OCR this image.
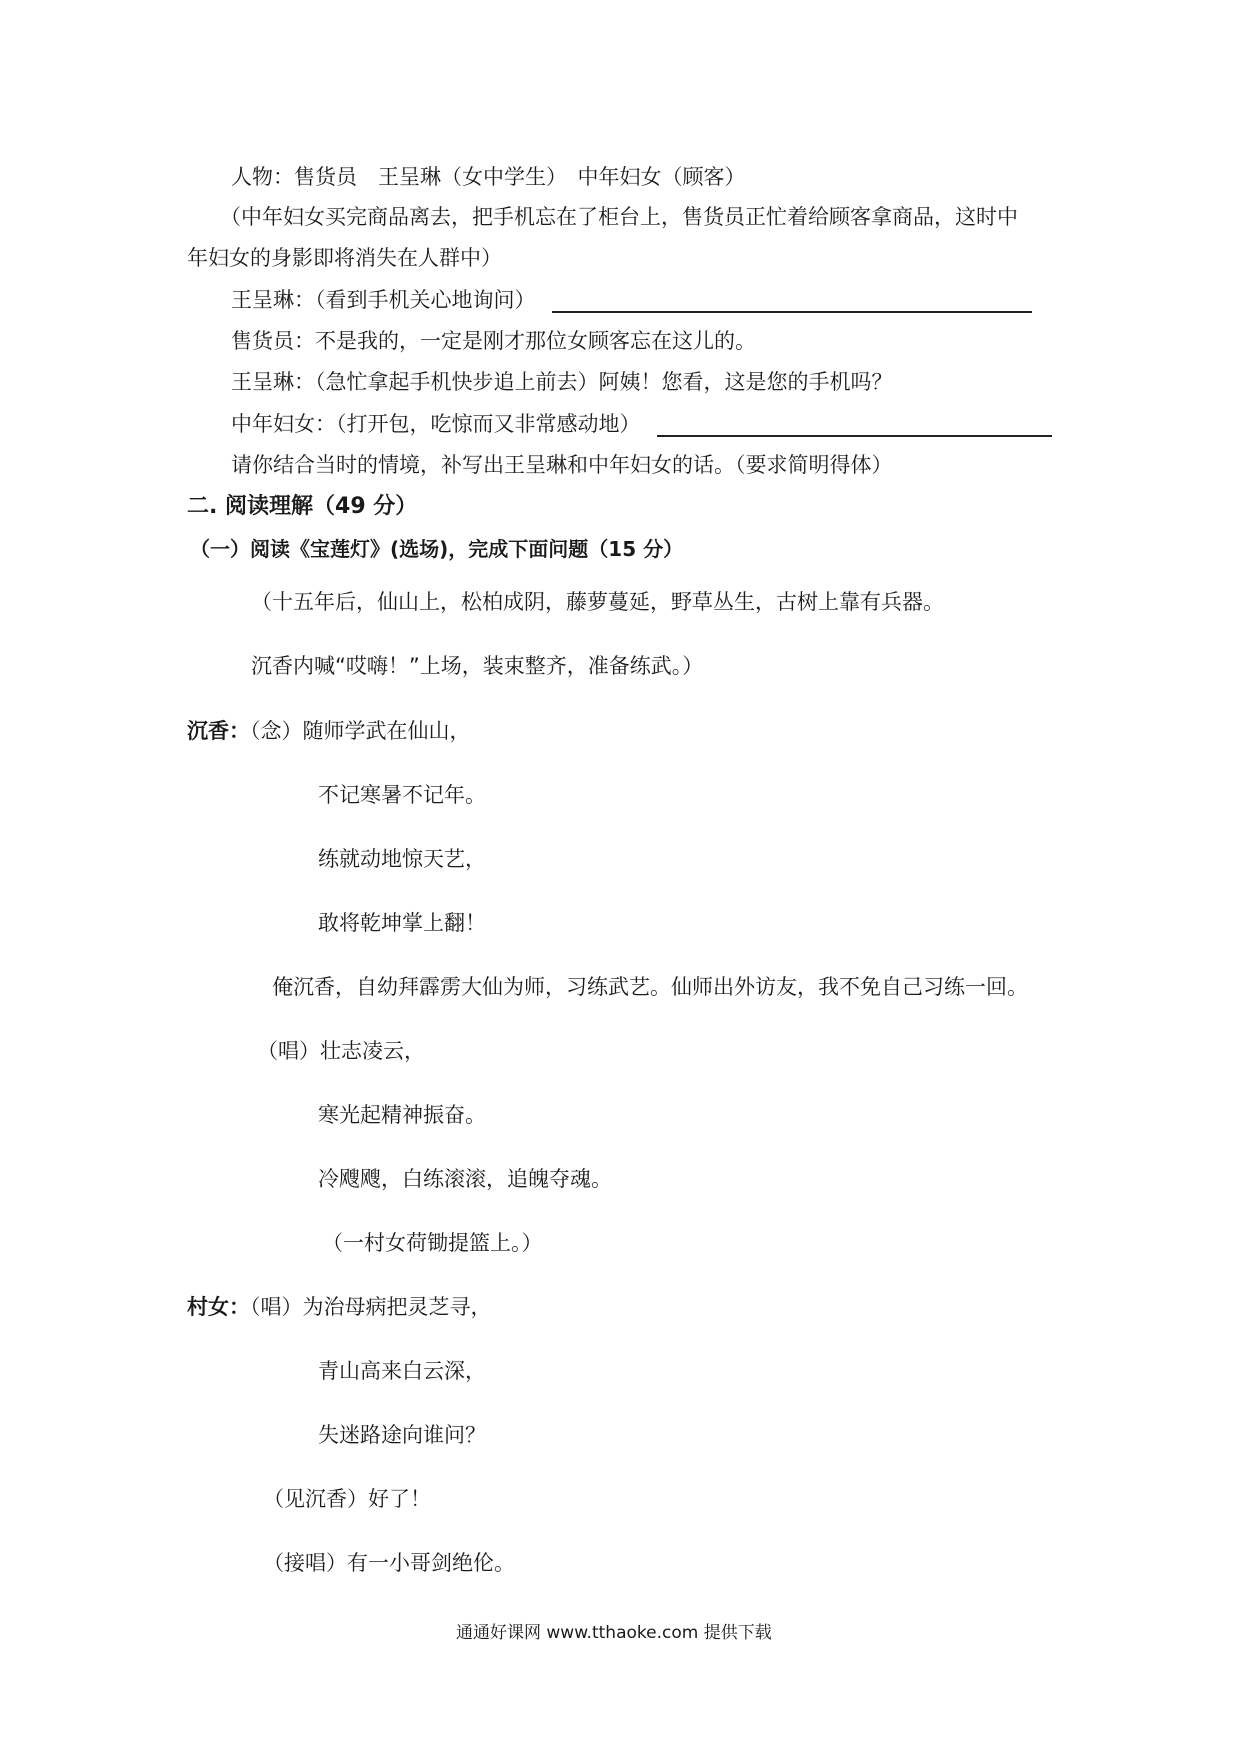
人物：售货员　王呈琳（女中学生）　中年妇女（顾客）
（中年妇女买完商品离去，把手机忘在了柜台上，售货员正忙着给顾客拿商品，这时中
年妇女的身影即将消失在人群中）
王呈琳：（看到手机关心地询问）
售货员：不是我的，一定是刚才那位女顾客忘在这儿的。
王呈琳：（急忙拿起手机快步追上前去）阿姨！您看，这是您的手机吗？
中年妇女：（打开包，吃惊而又非常感动地）
请你结合当时的情境，补写出王呈琳和中年妇女的话。（要求简明得体）
二. 阅读理解（49 分）
（一）阅读《宝莲灯》(选场)，完成下面问题（15 分）
（十五年后，仙山上，松柏成阴，藤萝蔓延，野草丛生，古树上靠有兵器。
沉香内喊“哎嗨！”上场，装束整齐，准备练武。）
沉香：（念）随师学武在仙山，
不记寒暑不记年。
练就动地惊天艺，
敢将乾坤掌上翻！
俺沉香，自幼拜霹雳大仙为师，习练武艺。仙师出外访友，我不免自己习练一回。
（唱）壮志凌云，
寒光起精神振奋。
冷飕飕，白练滚滚，追魄夺魂。
（一村女荷锄提篮上。）
村女：（唱）为治母病把灵芝寻，
青山高来白云深，
失迷路途向谁问？
（见沉香）好了！
（接唱）有一小哥剑绝伦。
通通好课网 www.tthaoke.com 提供下载
